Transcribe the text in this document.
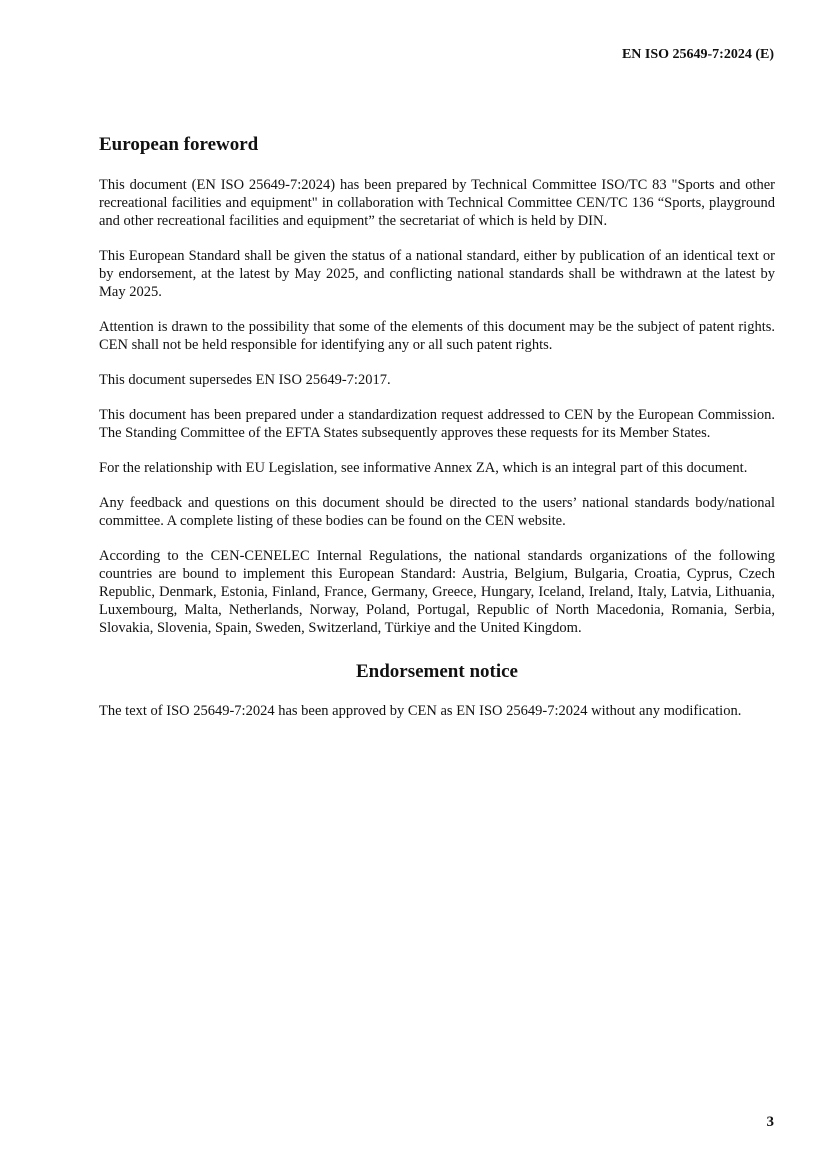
EN ISO 25649-7:2024 (E)
European foreword

This document (EN ISO 25649-7:2024) has been prepared by Technical Committee ISO/TC 83 "Sports and other recreational facilities and equipment" in collaboration with Technical Committee CEN/TC 136 “Sports, playground and other recreational facilities and equipment” the secretariat of which is held by DIN.

This European Standard shall be given the status of a national standard, either by publication of an identical text or by endorsement, at the latest by May 2025, and conflicting national standards shall be withdrawn at the latest by May 2025.

Attention is drawn to the possibility that some of the elements of this document may be the subject of patent rights. CEN shall not be held responsible for identifying any or all such patent rights.

This document supersedes EN ISO 25649-7:2017.

This document has been prepared under a standardization request addressed to CEN by the European Commission. The Standing Committee of the EFTA States subsequently approves these requests for its Member States.

For the relationship with EU Legislation, see informative Annex ZA, which is an integral part of this document.

Any feedback and questions on this document should be directed to the users’ national standards body/national committee. A complete listing of these bodies can be found on the CEN website.

According to the CEN-CENELEC Internal Regulations, the national standards organizations of the following countries are bound to implement this European Standard: Austria, Belgium, Bulgaria, Croatia, Cyprus, Czech Republic, Denmark, Estonia, Finland, France, Germany, Greece, Hungary, Iceland, Ireland, Italy, Latvia, Lithuania, Luxembourg, Malta, Netherlands, Norway, Poland, Portugal, Republic of North Macedonia, Romania, Serbia, Slovakia, Slovenia, Spain, Sweden, Switzerland, Türkiye and the United Kingdom.

Endorsement notice

The text of ISO 25649-7:2024 has been approved by CEN as EN ISO 25649-7:2024 without any modification.

3
